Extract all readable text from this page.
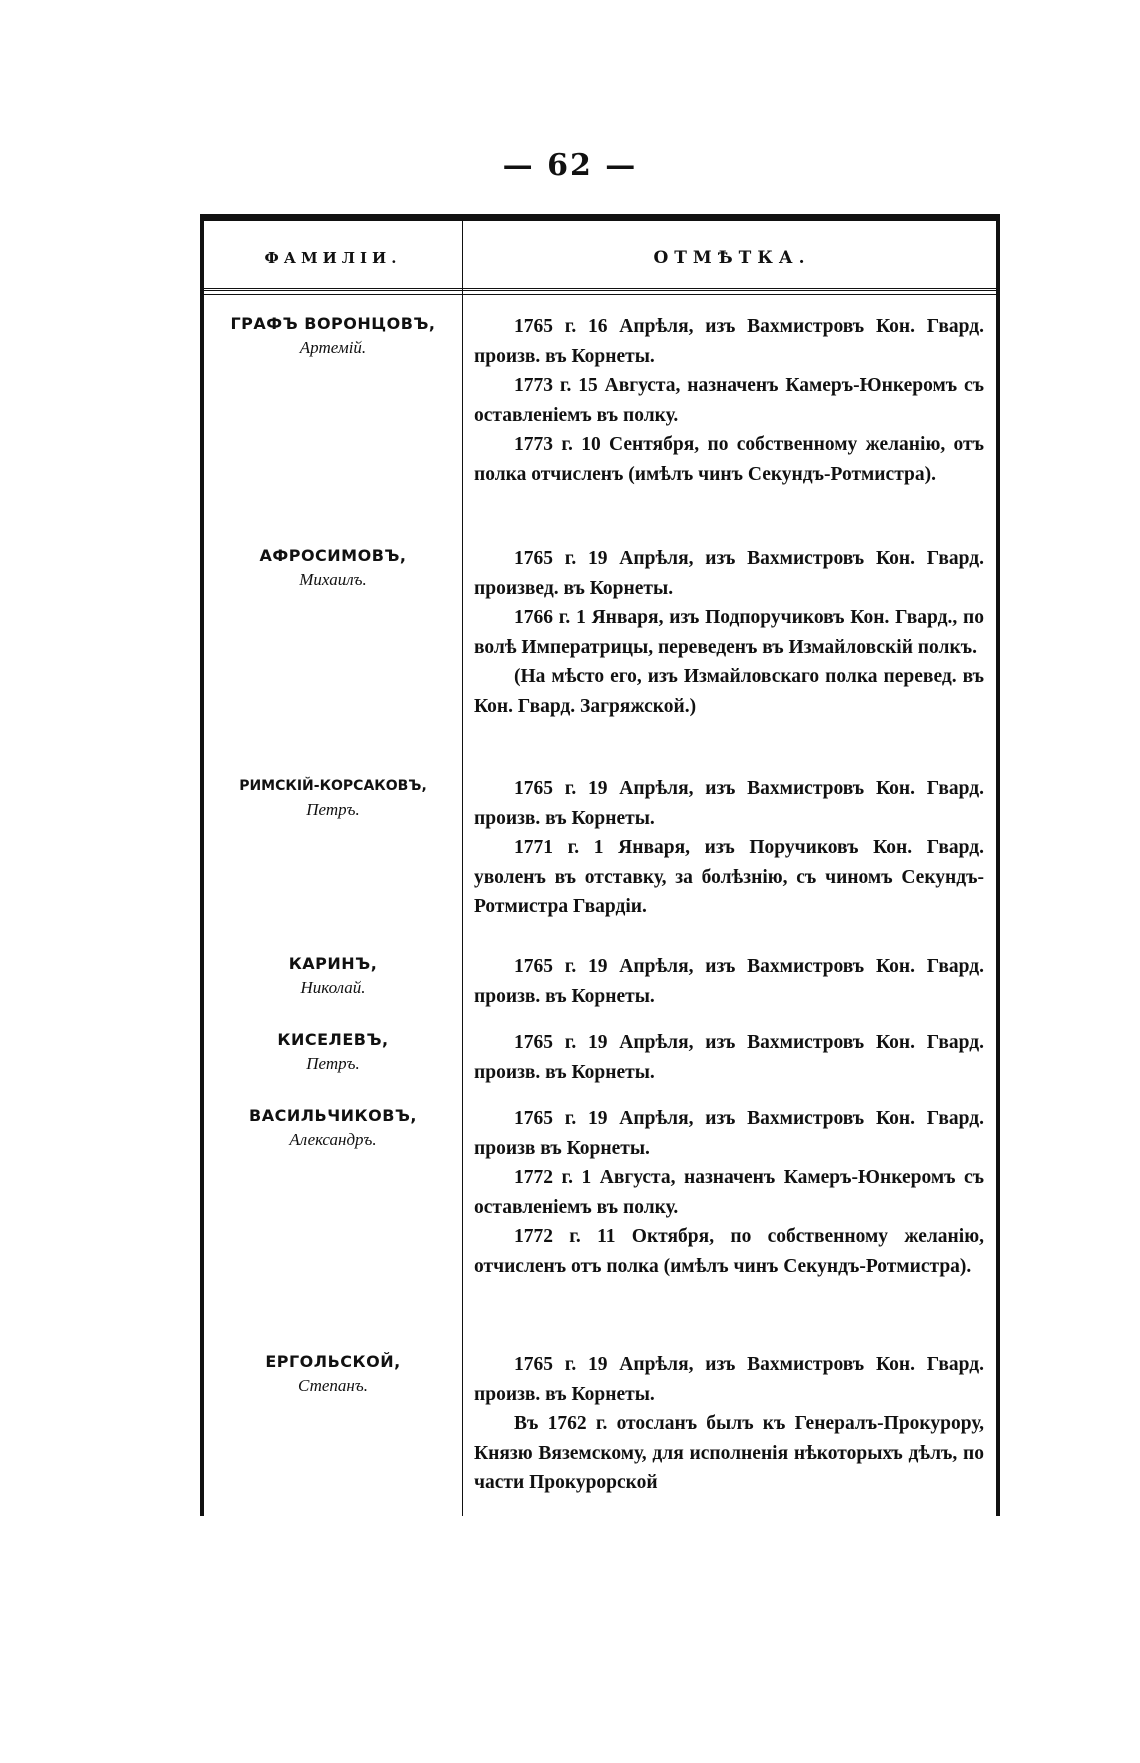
— 62 —
ФАМИЛІИ.	ОТМѢТКА.
ГРАФЪ ВОРОНЦОВЪ,
Артемій.

1765 г. 16 Апрѣля, изъ Вахмистровъ Кон. Гвард. произв. въ Корнеты.

1773 г. 15 Августа, назначенъ Камеръ-Юнкеромъ съ оставленіемъ въ полку.

1773 г. 10 Сентября, по собственному желанію, отъ полка отчисленъ (имѣлъ чинъ Секундъ-Ротмистра).

АФРОСИМОВЪ,
Михаилъ.

1765 г. 19 Апрѣля, изъ Вахмистровъ Кон. Гвард. произвед. въ Корнеты.

1766 г. 1 Января, изъ Подпоручиковъ Кон. Гвард., по волѣ Императрицы, переведенъ въ Измайловскій полкъ.

(На мѣсто его, изъ Измайловскаго полка перевед. въ Кон. Гвард. Загряжской.)

РИМСКІЙ-КОРСАКОВЪ,
Петръ.

1765 г. 19 Апрѣля, изъ Вахмистровъ Кон. Гвард. произв. въ Корнеты.

1771 г. 1 Января, изъ Поручиковъ Кон. Гвард. уволенъ въ отставку, за болѣзнію, съ чиномъ Секундъ-Ротмистра Гвардіи.

КАРИНЪ,
Николай.

1765 г. 19 Апрѣля, изъ Вахмистровъ Кон. Гвард. произв. въ Корнеты.

КИСЕЛЕВЪ,
Петръ.

1765 г. 19 Апрѣля, изъ Вахмистровъ Кон. Гвард. произв. въ Корнеты.

ВАСИЛЬЧИКОВЪ,
Александръ.

1765 г. 19 Апрѣля, изъ Вахмистровъ Кон. Гвард. произв въ Корнеты.

1772 г. 1 Августа, назначенъ Камеръ-Юнкеромъ съ оставленіемъ въ полку.

1772 г. 11 Октября, по собственному желанію, отчисленъ отъ полка (имѣлъ чинъ Секундъ-Ротмистра).

ЕРГОЛЬСКОЙ,
Степанъ.

1765 г. 19 Апрѣля, изъ Вахмистровъ Кон. Гвард. произв. въ Корнеты.

Въ 1762 г. отосланъ былъ къ Генералъ-Прокурору, Князю Вяземскому, для исполненія нѣкоторыхъ дѣлъ, по части Прокурорской
